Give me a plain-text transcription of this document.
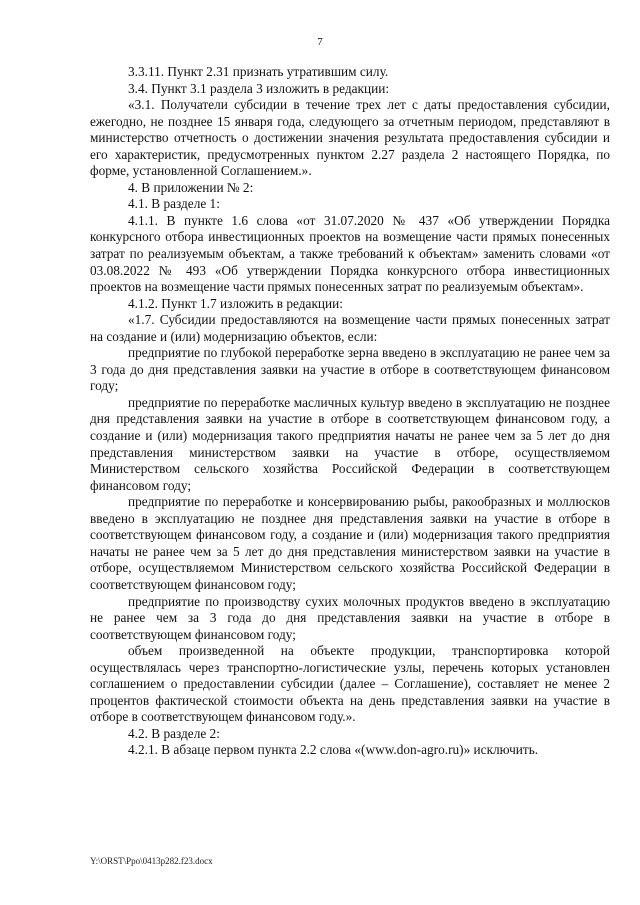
7

3.3.11. Пункт 2.31 признать утратившим силу.

3.4. Пункт 3.1 раздела 3 изложить в редакции:

«3.1. Получатели субсидии в течение трех лет с даты предоставления субсидии, ежегодно, не позднее 15 января года, следующего за отчетным периодом, представляют в министерство отчетность о достижении значения результата предоставления субсидии и его характеристик, предусмотренных пунктом 2.27 раздела 2 настоящего Порядка, по форме, установленной Соглашением.».

4. В приложении № 2:

4.1. В разделе 1:

4.1.1. В пункте 1.6 слова «от 31.07.2020 № 437 «Об утверждении Порядка конкурсного отбора инвестиционных проектов на возмещение части прямых понесенных затрат по реализуемым объектам, а также требований к объектам» заменить словами «от 03.08.2022 № 493 «Об утверждении Порядка конкурсного отбора инвестиционных проектов на возмещение части прямых понесенных затрат по реализуемым объектам».

4.1.2. Пункт 1.7 изложить в редакции:

«1.7. Субсидии предоставляются на возмещение части прямых понесенных затрат на создание и (или) модернизацию объектов, если:

предприятие по глубокой переработке зерна введено в эксплуатацию не ранее чем за 3 года до дня представления заявки на участие в отборе в соответствующем финансовом году;

предприятие по переработке масличных культур введено в эксплуатацию не позднее дня представления заявки на участие в отборе в соответствующем финансовом году, а создание и (или) модернизация такого предприятия начаты не ранее чем за 5 лет до дня представления министерством заявки на участие в отборе, осуществляемом Министерством сельского хозяйства Российской Федерации в соответствующем финансовом году;

предприятие по переработке и консервированию рыбы, ракообразных и моллюсков введено в эксплуатацию не позднее дня представления заявки на участие в отборе в соответствующем финансовом году, а создание и (или) модернизация такого предприятия начаты не ранее чем за 5 лет до дня представления министерством заявки на участие в отборе, осуществляемом Министерством сельского хозяйства Российской Федерации в соответствующем финансовом году;

предприятие по производству сухих молочных продуктов введено в эксплуатацию не ранее чем за 3 года до дня представления заявки на участие в отборе в соответствующем финансовом году;

объем произведенной на объекте продукции, транспортировка которой осуществлялась через транспортно-логистические узлы, перечень которых установлен соглашением о предоставлении субсидии (далее – Соглашение), составляет не менее 2 процентов фактической стоимости объекта на день представления заявки на участие в отборе в соответствующем финансовом году.».

4.2. В разделе 2:

4.2.1. В абзаце первом пункта 2.2 слова «(www.don-agro.ru)» исключить.

Y:\ORST\Ppo\0413p282.f23.docx
